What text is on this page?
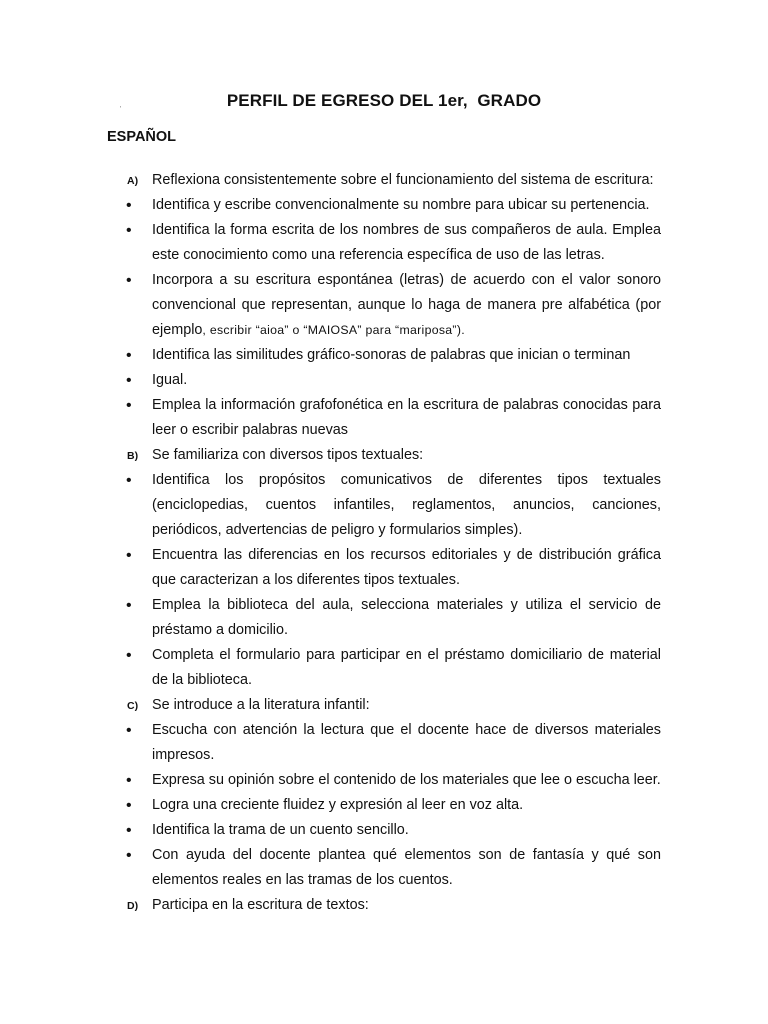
PERFIL DE EGRESO DEL 1er,  GRADO
'
ESPAÑOL
A) Reflexiona consistentemente sobre el funcionamiento del sistema de escritura:
• Identifica y escribe convencionalmente su nombre para ubicar su pertenencia.
• Identifica la forma escrita de los nombres de sus compañeros de aula. Emplea este conocimiento como una referencia específica de uso de las letras.
• Incorpora a su escritura espontánea (letras) de acuerdo con el valor sonoro convencional que representan, aunque lo haga de manera pre alfabética (por ejemplo, escribir “aioa” o “MAIOSA” para “mariposa”).
• Identifica las similitudes gráfico-sonoras de palabras que inician o terminan
• Igual.
• Emplea la información grafofonética en la escritura de palabras conocidas para leer o escribir palabras nuevas
B) Se familiariza con diversos tipos textuales:
• Identifica los propósitos comunicativos de diferentes tipos textuales (enciclopedias, cuentos infantiles, reglamentos, anuncios, canciones, periódicos, advertencias de peligro y formularios simples).
• Encuentra las diferencias en los recursos editoriales y de distribución gráfica que caracterizan a los diferentes tipos textuales.
• Emplea la biblioteca del aula, selecciona materiales y utiliza el servicio de préstamo a domicilio.
• Completa el formulario para participar en el préstamo domiciliario de material de la biblioteca.
C) Se introduce a la literatura infantil:
• Escucha con atención la lectura que el docente hace de diversos materiales impresos.
• Expresa su opinión sobre el contenido de los materiales que lee o escucha leer.
• Logra una creciente fluidez y expresión al leer en voz alta.
• Identifica la trama de un cuento sencillo.
• Con ayuda del docente plantea qué elementos son de fantasía y qué son elementos reales en las tramas de los cuentos.
D) Participa en la escritura de textos:
